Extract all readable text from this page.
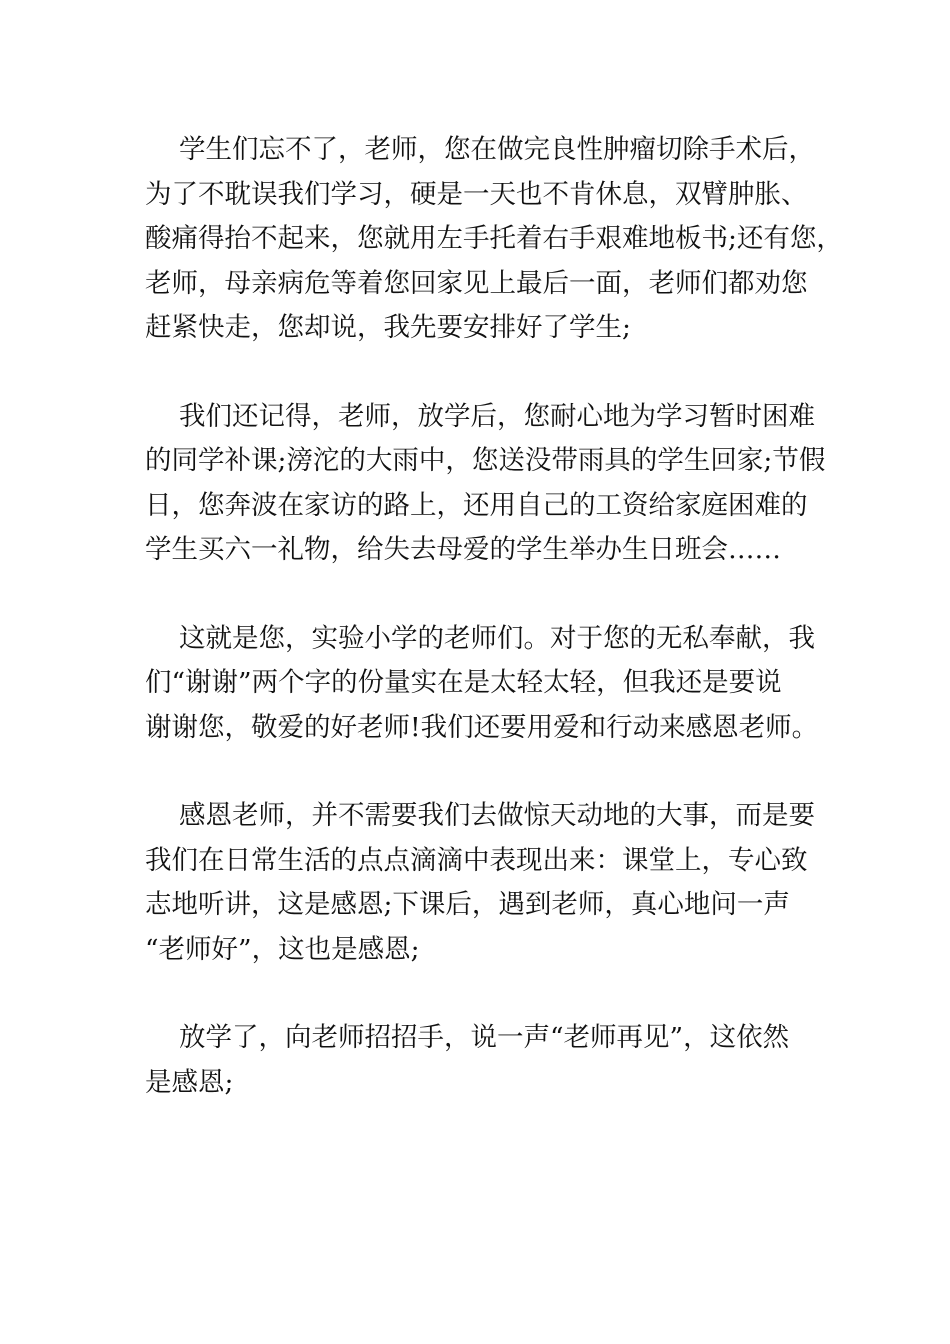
学生们忘不了，老师，您在做完良性肿瘤切除手术后，
为了不耽误我们学习，硬是一天也不肯休息，双臂肿胀、
酸痛得抬不起来，您就用左手托着右手艰难地板书;还有您，
老师，母亲病危等着您回家见上最后一面，老师们都劝您
赶紧快走，您却说，我先要安排好了学生;

我们还记得，老师，放学后，您耐心地为学习暂时困难
的同学补课;滂沱的大雨中，您送没带雨具的学生回家;节假
日，您奔波在家访的路上，还用自己的工资给家庭困难的
学生买六一礼物，给失去母爱的学生举办生日班会……

这就是您，实验小学的老师们。对于您的无私奉献，我
们“谢谢”两个字的份量实在是太轻太轻，但我还是要说
谢谢您，敬爱的好老师!我们还要用爱和行动来感恩老师。

感恩老师，并不需要我们去做惊天动地的大事，而是要
我们在日常生活的点点滴滴中表现出来：课堂上，专心致
志地听讲，这是感恩;下课后，遇到老师，真心地问一声
“老师好”，这也是感恩;

放学了，向老师招招手，说一声“老师再见”，这依然
是感恩;
